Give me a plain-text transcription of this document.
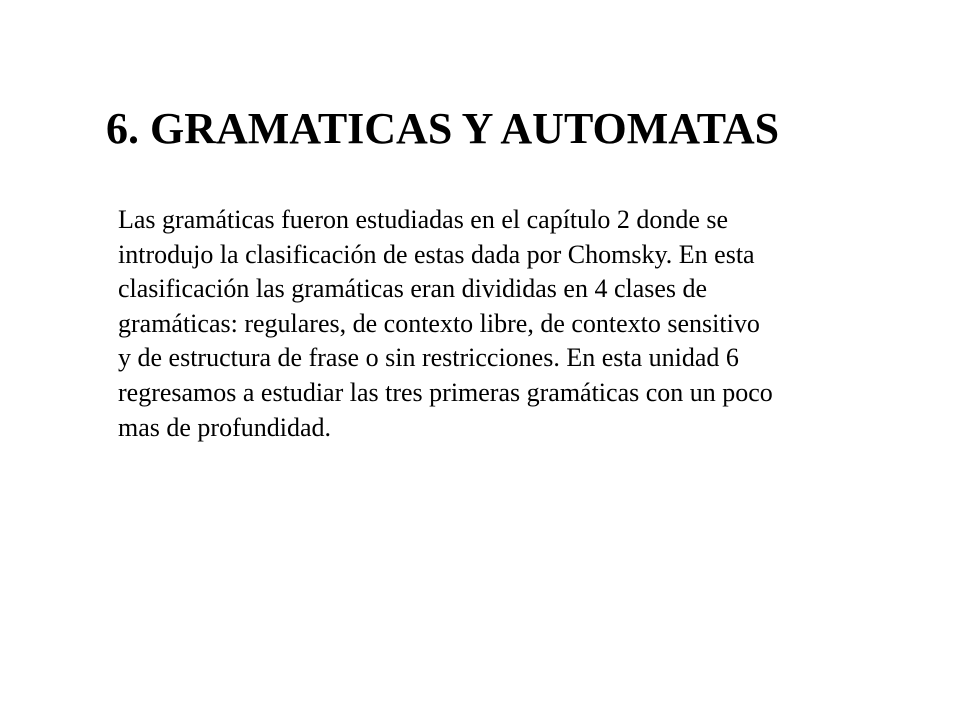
6. GRAMATICAS Y AUTOMATAS
Las gramáticas fueron estudiadas en el capítulo 2 donde se
introdujo la clasificación de estas dada por Chomsky. En esta
clasificación las gramáticas eran divididas en 4 clases de
gramáticas: regulares, de contexto libre, de contexto sensitivo
y de estructura de frase o sin restricciones. En esta unidad 6
regresamos a estudiar las tres primeras gramáticas con un poco
mas de profundidad.
